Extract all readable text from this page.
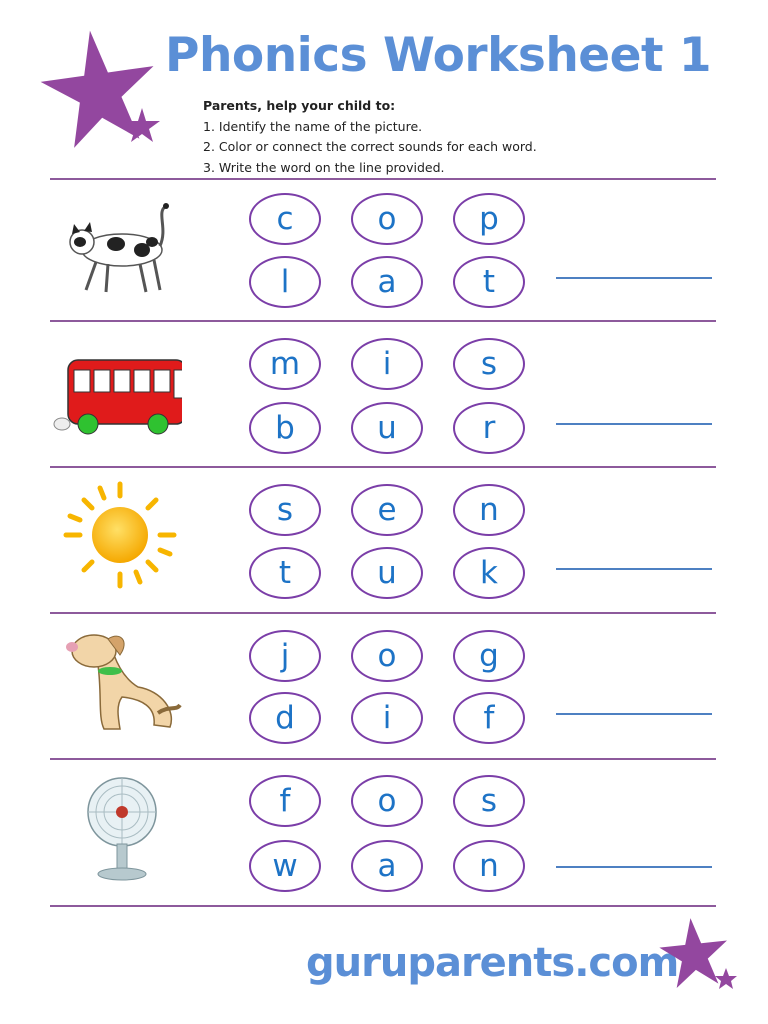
Phonics Worksheet 1
Parents, help your child to:
1. Identify the name of the picture.
2. Color or connect the correct sounds for each word.
3. Write the word on the line provided.
c	o	p
l	a	t
m	i	s
b	u	r
s	e	n
t	u	k
j	o	g
d	i	f
f	o	s
w	a	n
guruparents.com
